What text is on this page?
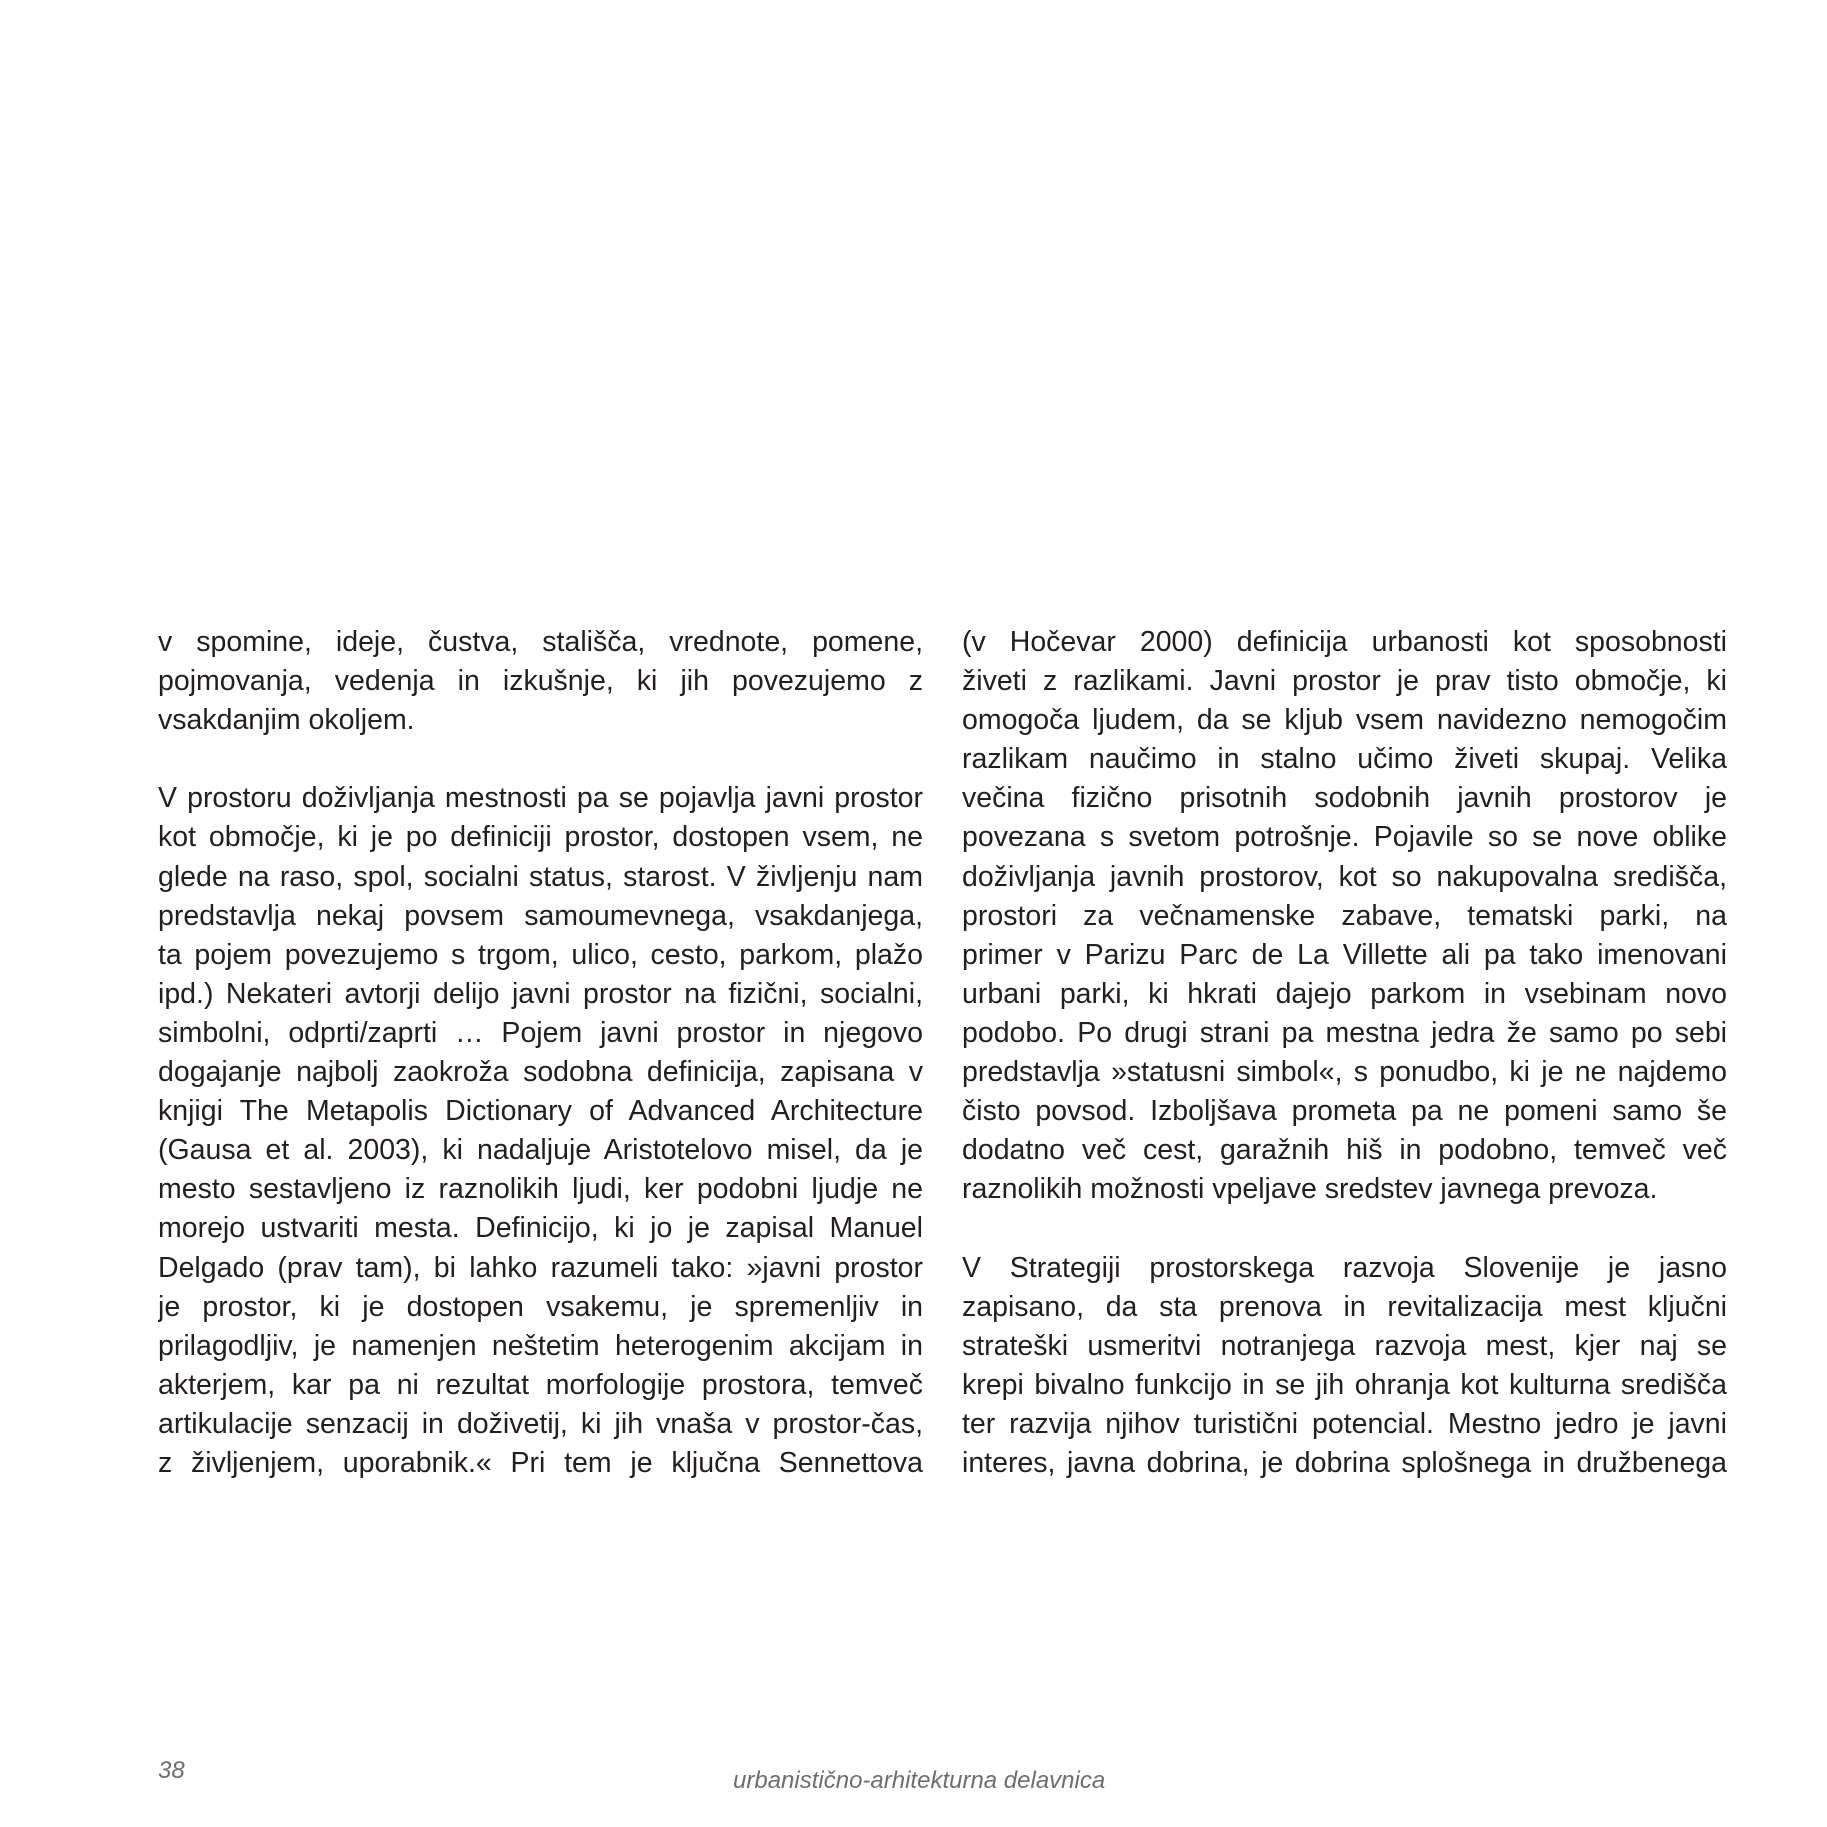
v spomine, ideje, čustva, stališča, vrednote, pomene,
pojmovanja, vedenja in izkušnje, ki jih povezujemo z
vsakdanjim okoljem.
V prostoru doživljanja mestnosti pa se pojavlja javni prostor
kot območje, ki je po definiciji prostor, dostopen vsem, ne
glede na raso, spol, socialni status, starost. V življenju nam
predstavlja nekaj povsem samoumevnega, vsakdanjega,
ta pojem povezujemo s trgom, ulico, cesto, parkom, plažo
ipd.) Nekateri avtorji delijo javni prostor na fizični, socialni,
simbolni, odprti/zaprti … Pojem javni prostor in njegovo
dogajanje najbolj zaokroža sodobna definicija, zapisana v
knjigi The Metapolis Dictionary of Advanced Architecture
(Gausa et al. 2003), ki nadaljuje Aristotelovo misel, da je
mesto sestavljeno iz raznolikih ljudi, ker podobni ljudje ne
morejo ustvariti mesta. Definicijo, ki jo je zapisal Manuel
Delgado (prav tam), bi lahko razumeli tako: »javni prostor
je prostor, ki je dostopen vsakemu, je spremenljiv in
prilagodljiv, je namenjen neštetim heterogenim akcijam in
akterjem, kar pa ni rezultat morfologije prostora, temveč
artikulacije senzacij in doživetij, ki jih vnaša v prostor-čas,
z življenjem, uporabnik.« Pri tem je ključna Sennettova
(v Hočevar 2000) definicija urbanosti kot sposobnosti
živeti z razlikami. Javni prostor je prav tisto območje, ki
omogoča ljudem, da se kljub vsem navidezno nemogočim
razlikam naučimo in stalno učimo živeti skupaj. Velika
večina fizično prisotnih sodobnih javnih prostorov je
povezana s svetom potrošnje. Pojavile so se nove oblike
doživljanja javnih prostorov, kot so nakupovalna središča,
prostori za večnamenske zabave, tematski parki, na
primer v Parizu Parc de La Villette ali pa tako imenovani
urbani parki, ki hkrati dajejo parkom in vsebinam novo
podobo. Po drugi strani pa mestna jedra že samo po sebi
predstavlja »statusni simbol«, s ponudbo, ki je ne najdemo
čisto povsod. Izboljšava prometa pa ne pomeni samo še
dodatno več cest, garažnih hiš in podobno, temveč več
raznolikih možnosti vpeljave sredstev javnega prevoza.
V Strategiji prostorskega razvoja Slovenije je jasno
zapisano, da sta prenova in revitalizacija mest ključni
strateški usmeritvi notranjega razvoja mest, kjer naj se
krepi bivalno funkcijo in se jih ohranja kot kulturna središča
ter razvija njihov turistični potencial. Mestno jedro je javni
interes, javna dobrina, je dobrina splošnega in družbenega
38	urbanistično-arhitekturna delavnica
